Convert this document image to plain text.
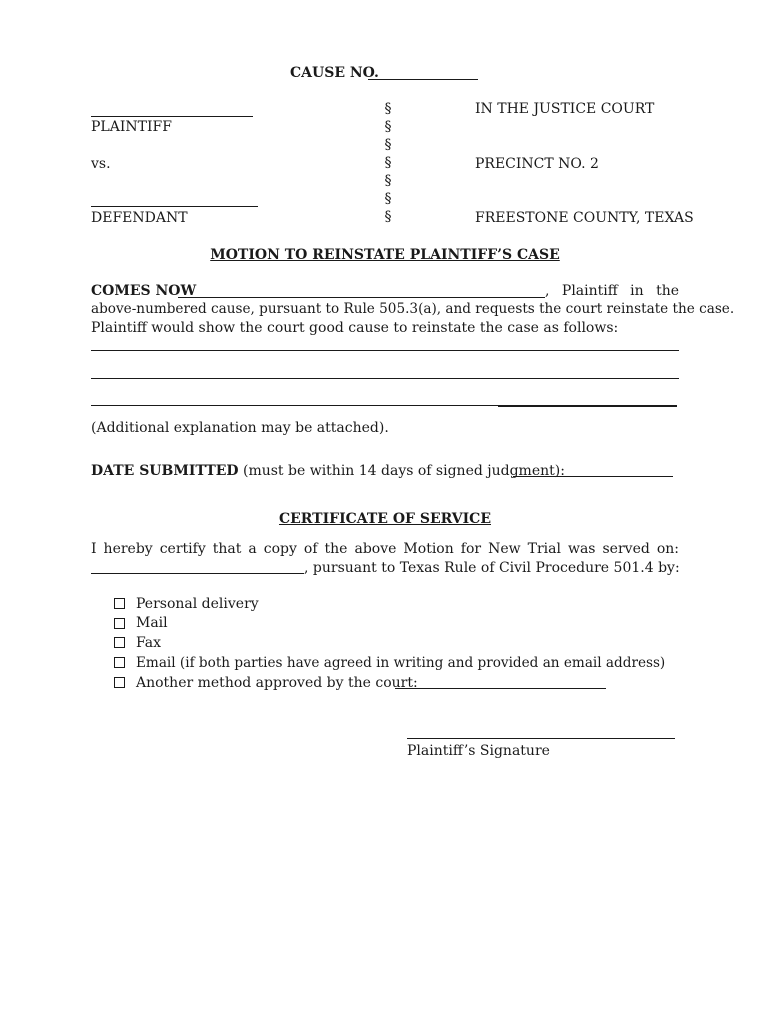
CAUSE NO.
PLAINTIFF
vs.
DEFENDANT
§
§
§
§
§
§
§
IN THE JUSTICE COURT
PRECINCT NO. 2
FREESTONE COUNTY, TEXAS
MOTION TO REINSTATE PLAINTIFF’S CASE
COMES NOW	, Plaintiff in the
above-numbered cause, pursuant to Rule 505.3(a), and requests the court reinstate the case.
Plaintiff would show the court good cause to reinstate the case as follows:
(Additional explanation may be attached).
DATE SUBMITTED (must be within 14 days of signed judgment):
CERTIFICATE OF SERVICE
I hereby certify that a copy of the above Motion for New Trial was served on:
, pursuant to Texas Rule of Civil Procedure 501.4 by:
Personal delivery
Mail
Fax
Email (if both parties have agreed in writing and provided an email address)
Another method approved by the court:
Plaintiff’s Signature
